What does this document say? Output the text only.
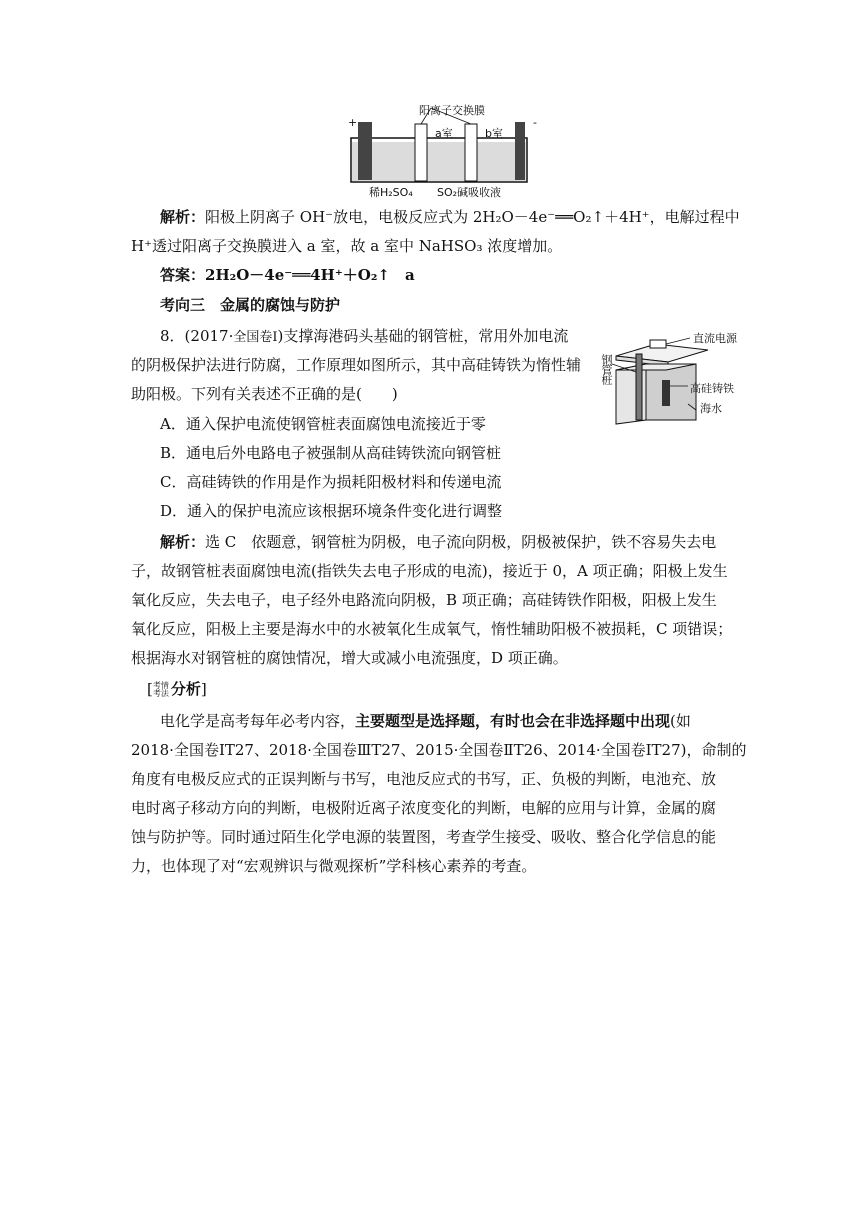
阳离子交换膜
a室	b室
+	-
稀H₂SO₄ SO₂碱吸收液
解析：阳极上阴离子 OH⁻放电，电极反应式为 2H₂O－4e⁻══O₂↑＋4H⁺，电解过程中
H⁺透过阳离子交换膜进入 a 室，故 a 室中 NaHSO₃ 浓度增加。
答案：2H₂O－4e⁻══4H⁺＋O₂↑　a
考向三　金属的腐蚀与防护
8．(2017·全国卷Ⅰ)支撑海港码头基础的钢管桩，常用外加电流
的阴极保护法进行防腐，工作原理如图所示，其中高硅铸铁为惰性辅
助阳极。下列有关表述不正确的是(　　)
直流电源
钢管桩
高硅铸铁
海水
A．通入保护电流使钢管桩表面腐蚀电流接近于零
B．通电后外电路电子被强制从高硅铸铁流向钢管桩
C．高硅铸铁的作用是作为损耗阳极材料和传递电流
D．通入的保护电流应该根据环境条件变化进行调整
解析：选 C　依题意，钢管桩为阴极，电子流向阴极，阴极被保护，铁不容易失去电
子，故钢管桩表面腐蚀电流(指铁失去电子形成的电流)，接近于 0，A 项正确；阳极上发生
氧化反应，失去电子，电子经外电路流向阴极，B 项正确；高硅铸铁作阳极，阳极上发生
氧化反应，阳极上主要是海水中的水被氧化生成氧气，惰性辅助阳极不被损耗，C 项错误；
根据海水对钢管桩的腐蚀情况，增大或减小电流强度，D 项正确。
[考情
考法 分析]
电化学是高考每年必考内容，主要题型是选择题，有时也会在非选择题中出现(如
2018·全国卷ⅠT27、2018·全国卷ⅢT27、2015·全国卷ⅡT26、2014·全国卷ⅠT27)，命制的
角度有电极反应式的正误判断与书写，电池反应式的书写，正、负极的判断，电池充、放
电时离子移动方向的判断，电极附近离子浓度变化的判断，电解的应用与计算，金属的腐
蚀与防护等。同时通过陌生化学电源的装置图，考查学生接受、吸收、整合化学信息的能
力，也体现了对“宏观辨识与微观探析”学科核心素养的考查。
